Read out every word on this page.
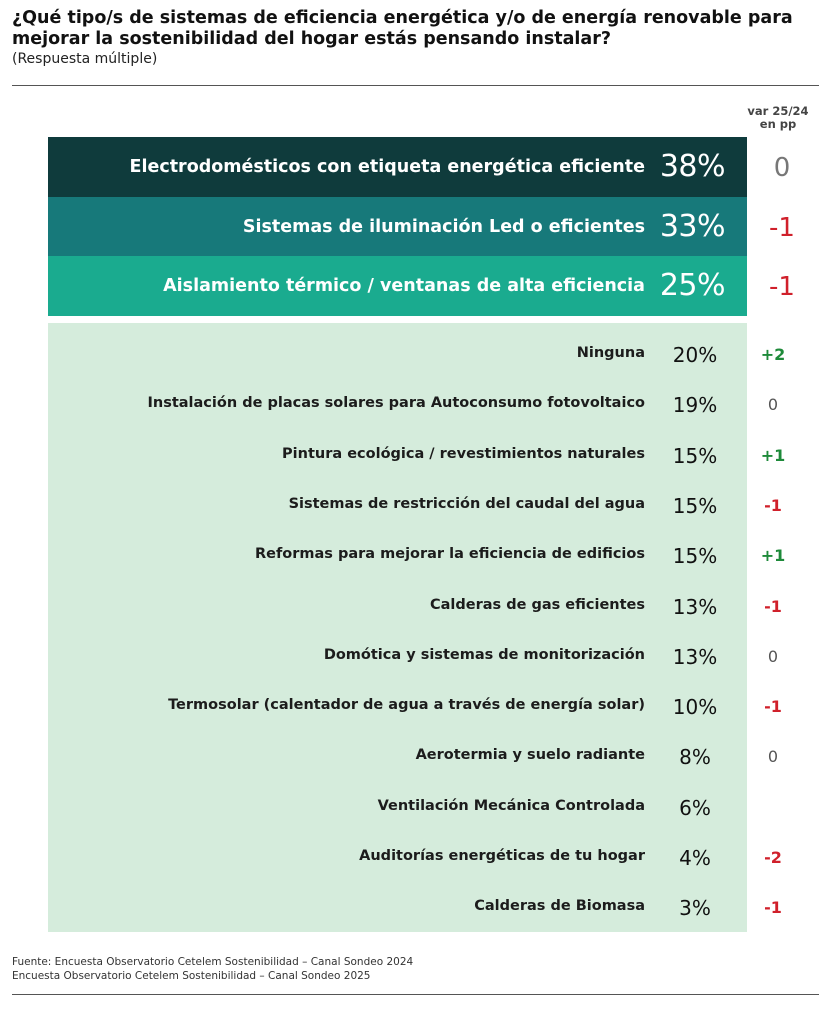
¿Qué tipo/s de sistemas de eficiencia energética y/o de energía renovable para mejorar la sostenibilidad del hogar estás pensando instalar?
(Respuesta múltiple)
var 25/24
en pp
Electrodomésticos con etiqueta energética eficiente 38%	0
Sistemas de iluminación Led o eficientes 33%	-1
Aislamiento térmico / ventanas de alta eficiencia 25%	-1
Ninguna	20%	+2
Instalación de placas solares para Autoconsumo fotovoltaico	19%	0
Pintura ecológica / revestimientos naturales	15%	+1
Sistemas de restricción del caudal del agua	15%	-1
Reformas para mejorar la eficiencia de edificios	15%	+1
Calderas de gas eficientes	13%	-1
Domótica y sistemas de monitorización	13%	0
Termosolar (calentador de agua a través de energía solar)	10%	-1
Aerotermia y suelo radiante	8%	0
Ventilación Mecánica Controlada	6%
Auditorías energéticas de tu hogar	4%	-2
Calderas de Biomasa	3%	-1
Fuente: Encuesta Observatorio Cetelem Sostenibilidad – Canal Sondeo 2024
Encuesta Observatorio Cetelem Sostenibilidad – Canal Sondeo 2025
